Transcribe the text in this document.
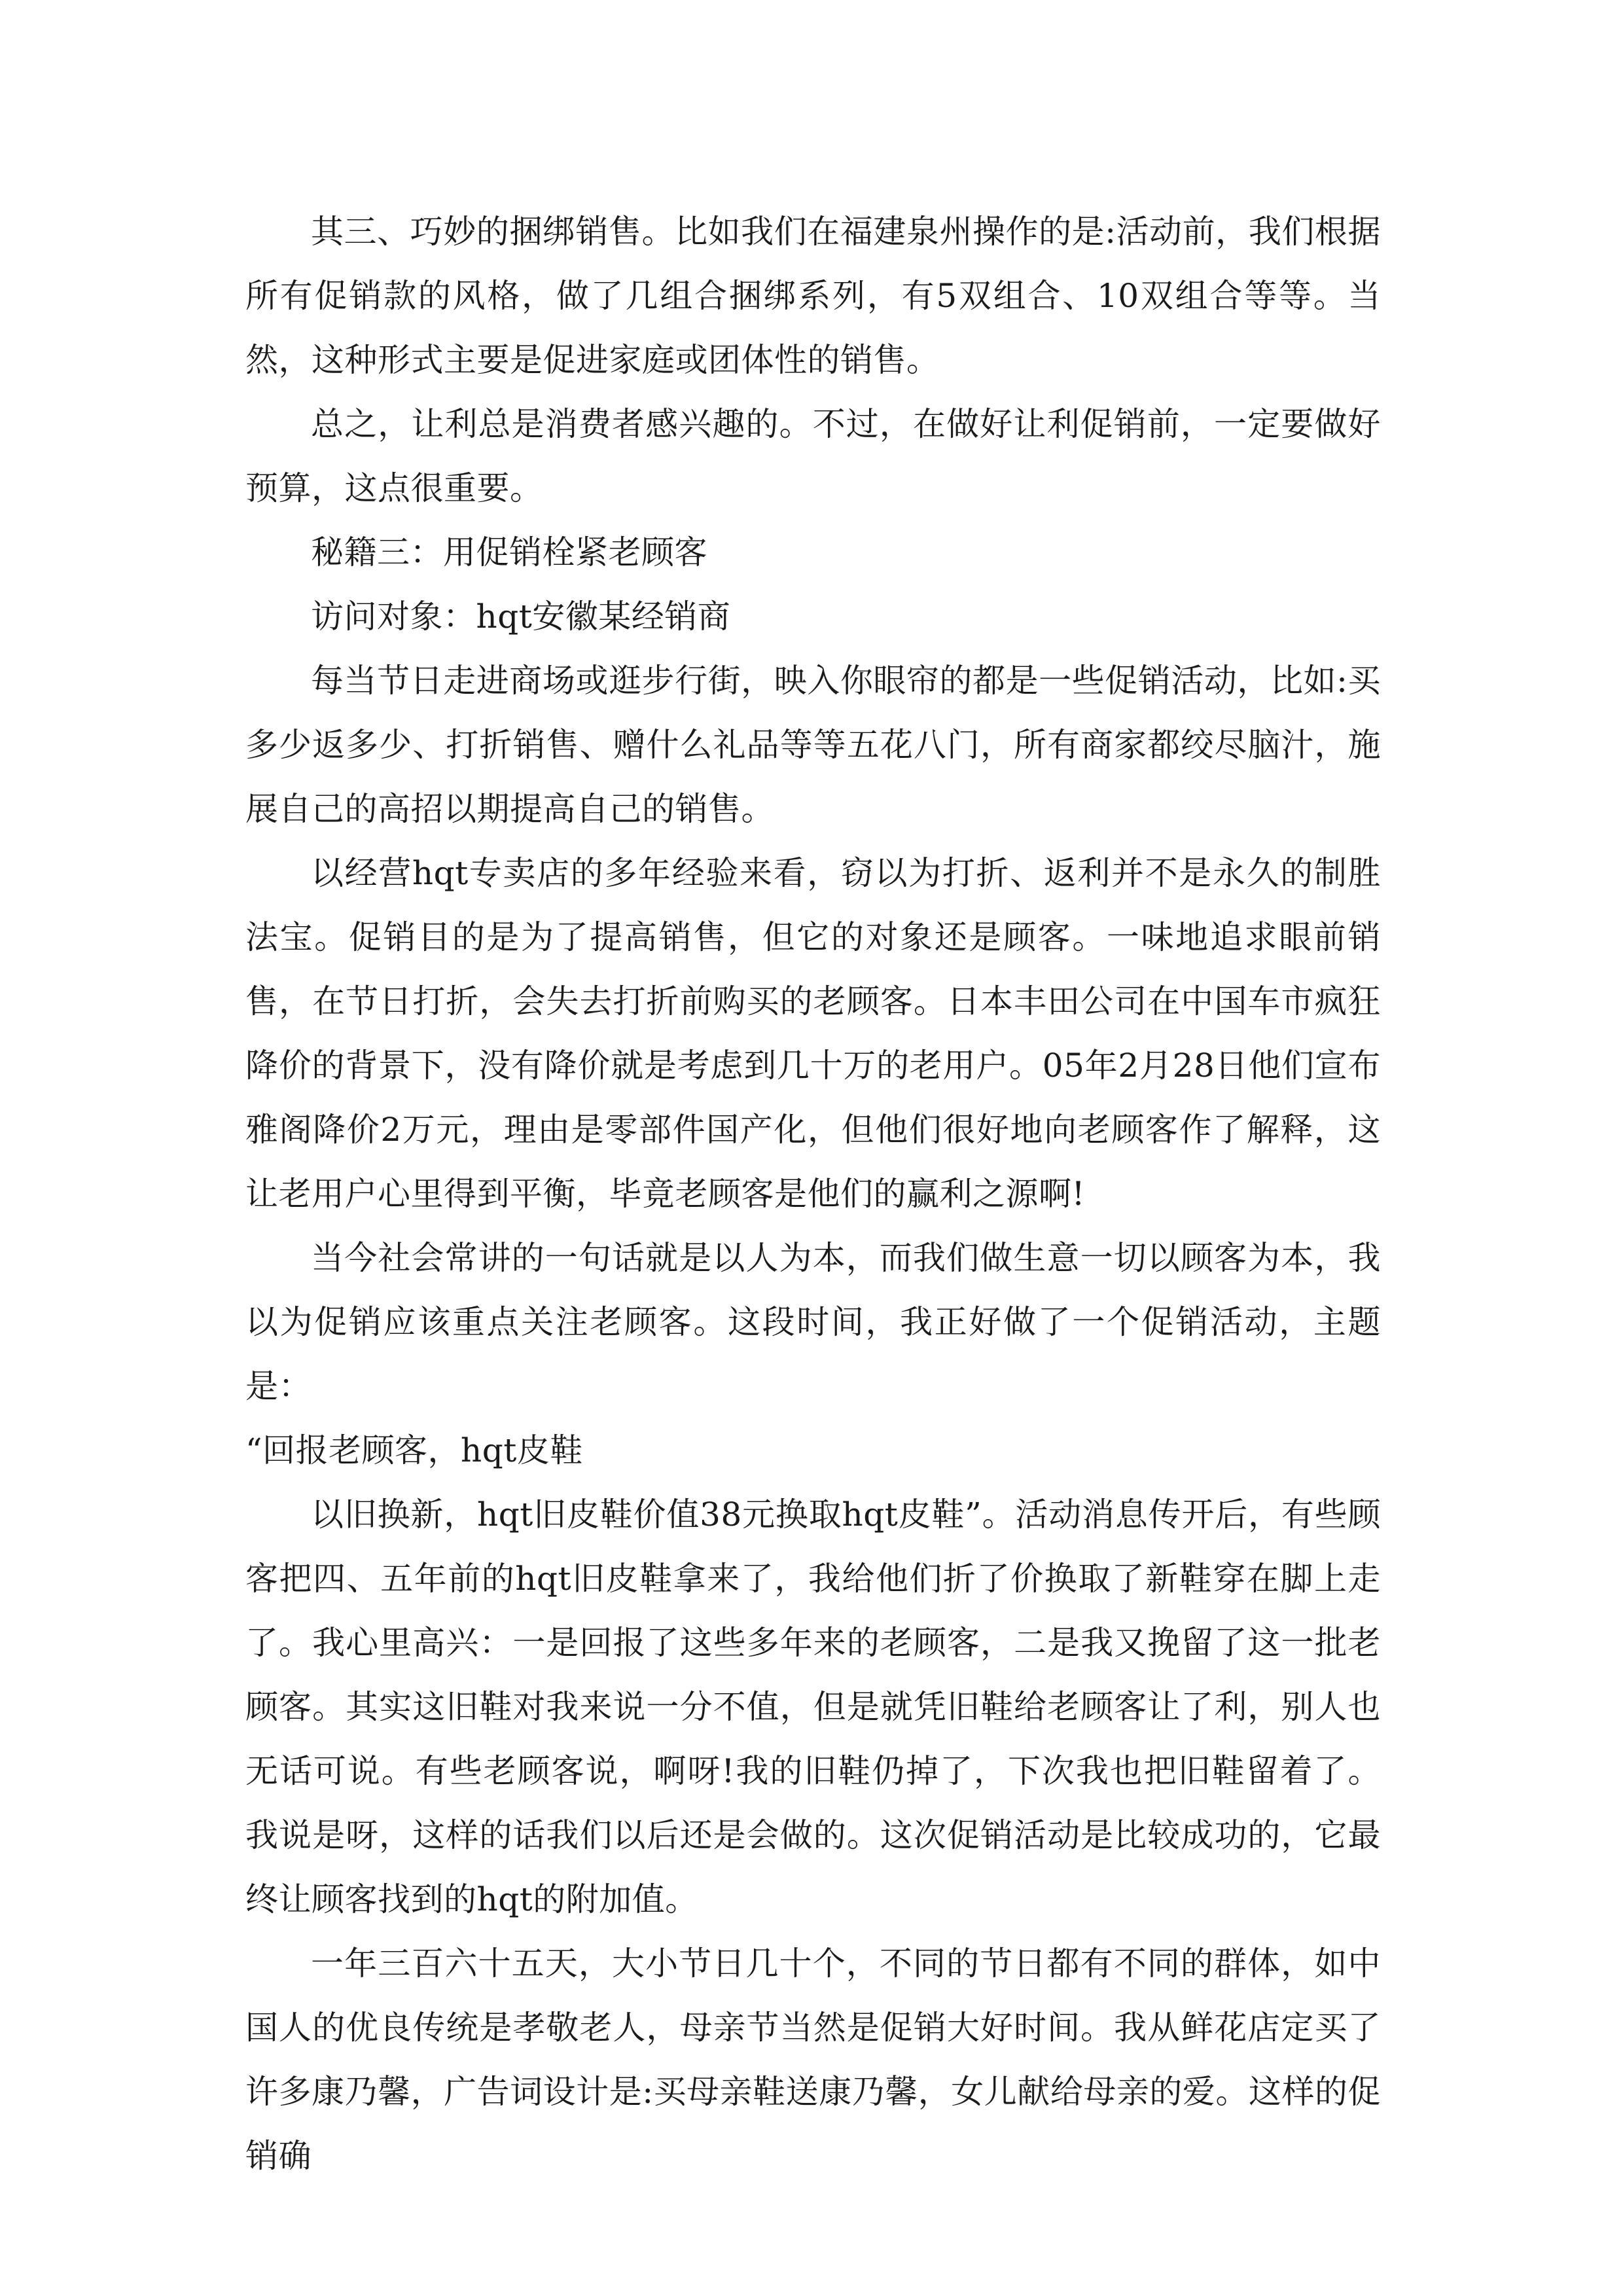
其三、巧妙的捆绑销售。比如我们在福建泉州操作的是:活动前，我们根据所有促销款的风格，做了几组合捆绑系列，有5双组合、10双组合等等。当然，这种形式主要是促进家庭或团体性的销售。

总之，让利总是消费者感兴趣的。不过，在做好让利促销前，一定要做好预算，这点很重要。

秘籍三：用促销栓紧老顾客

访问对象：hqt安徽某经销商

每当节日走进商场或逛步行街，映入你眼帘的都是一些促销活动，比如:买多少返多少、打折销售、赠什么礼品等等五花八门，所有商家都绞尽脑汁，施展自己的高招以期提高自己的销售。

以经营hqt专卖店的多年经验来看，窃以为打折、返利并不是永久的制胜法宝。促销目的是为了提高销售，但它的对象还是顾客。一味地追求眼前销售，在节日打折，会失去打折前购买的老顾客。日本丰田公司在中国车市疯狂降价的背景下，没有降价就是考虑到几十万的老用户。05年2月28日他们宣布雅阁降价2万元，理由是零部件国产化，但他们很好地向老顾客作了解释，这让老用户心里得到平衡，毕竟老顾客是他们的赢利之源啊!

当今社会常讲的一句话就是以人为本，而我们做生意一切以顾客为本，我以为促销应该重点关注老顾客。这段时间，我正好做了一个促销活动，主题是：

“回报老顾客，hqt皮鞋

以旧换新，hqt旧皮鞋价值38元换取hqt皮鞋”。活动消息传开后，有些顾客把四、五年前的hqt旧皮鞋拿来了，我给他们折了价换取了新鞋穿在脚上走了。我心里高兴：一是回报了这些多年来的老顾客，二是我又挽留了这一批老顾客。其实这旧鞋对我来说一分不值，但是就凭旧鞋给老顾客让了利，别人也无话可说。有些老顾客说，啊呀!我的旧鞋仍掉了，下次我也把旧鞋留着了。我说是呀，这样的话我们以后还是会做的。这次促销活动是比较成功的，它最终让顾客找到的hqt的附加值。

一年三百六十五天，大小节日几十个，不同的节日都有不同的群体，如中国人的优良传统是孝敬老人，母亲节当然是促销大好时间。我从鲜花店定买了许多康乃馨，广告词设计是:买母亲鞋送康乃馨，女儿献给母亲的爱。这样的促销确
